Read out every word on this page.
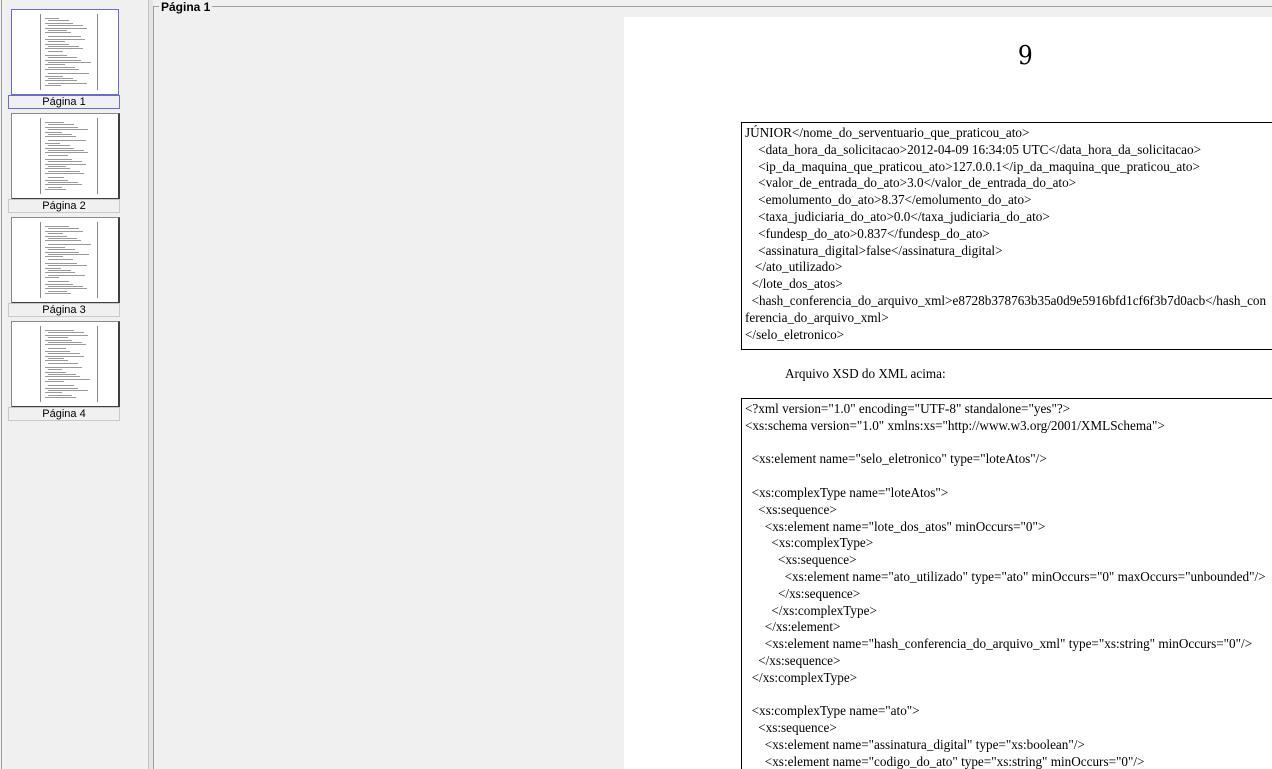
Página 1
Página 2
Página 3
Página 4
Página 1
9
JÚNIOR</nome_do_serventuario_que_praticou_ato>
<data_hora_da_solicitacao>2012-04-09 16:34:05 UTC</data_hora_da_solicitacao>
<ip_da_maquina_que_praticou_ato>127.0.0.1</ip_da_maquina_que_praticou_ato>
<valor_de_entrada_do_ato>3.0</valor_de_entrada_do_ato>
<emolumento_do_ato>8.37</emolumento_do_ato>
<taxa_judiciaria_do_ato>0.0</taxa_judiciaria_do_ato>
<fundesp_do_ato>0.837</fundesp_do_ato>
<assinatura_digital>false</assinatura_digital>
</ato_utilizado>
</lote_dos_atos>
<hash_conferencia_do_arquivo_xml>e8728b378763b35a0d9e5916bfd1cf6f3b7d0acb</hash_con
ferencia_do_arquivo_xml>
</selo_eletronico>
Arquivo XSD do XML acima:
<?xml version="1.0" encoding="UTF-8" standalone="yes"?>
<xs:schema version="1.0" xmlns:xs="http://www.w3.org/2001/XMLSchema">
<xs:element name="selo_eletronico" type="loteAtos"/>
<xs:complexType name="loteAtos">
<xs:sequence>
<xs:element name="lote_dos_atos" minOccurs="0">
<xs:complexType>
<xs:sequence>
<xs:element name="ato_utilizado" type="ato" minOccurs="0" maxOccurs="unbounded"/>
</xs:sequence>
</xs:complexType>
</xs:element>
<xs:element name="hash_conferencia_do_arquivo_xml" type="xs:string" minOccurs="0"/>
</xs:sequence>
</xs:complexType>
<xs:complexType name="ato">
<xs:sequence>
<xs:element name="assinatura_digital" type="xs:boolean"/>
<xs:element name="codigo_do_ato" type="xs:string" minOccurs="0"/>
